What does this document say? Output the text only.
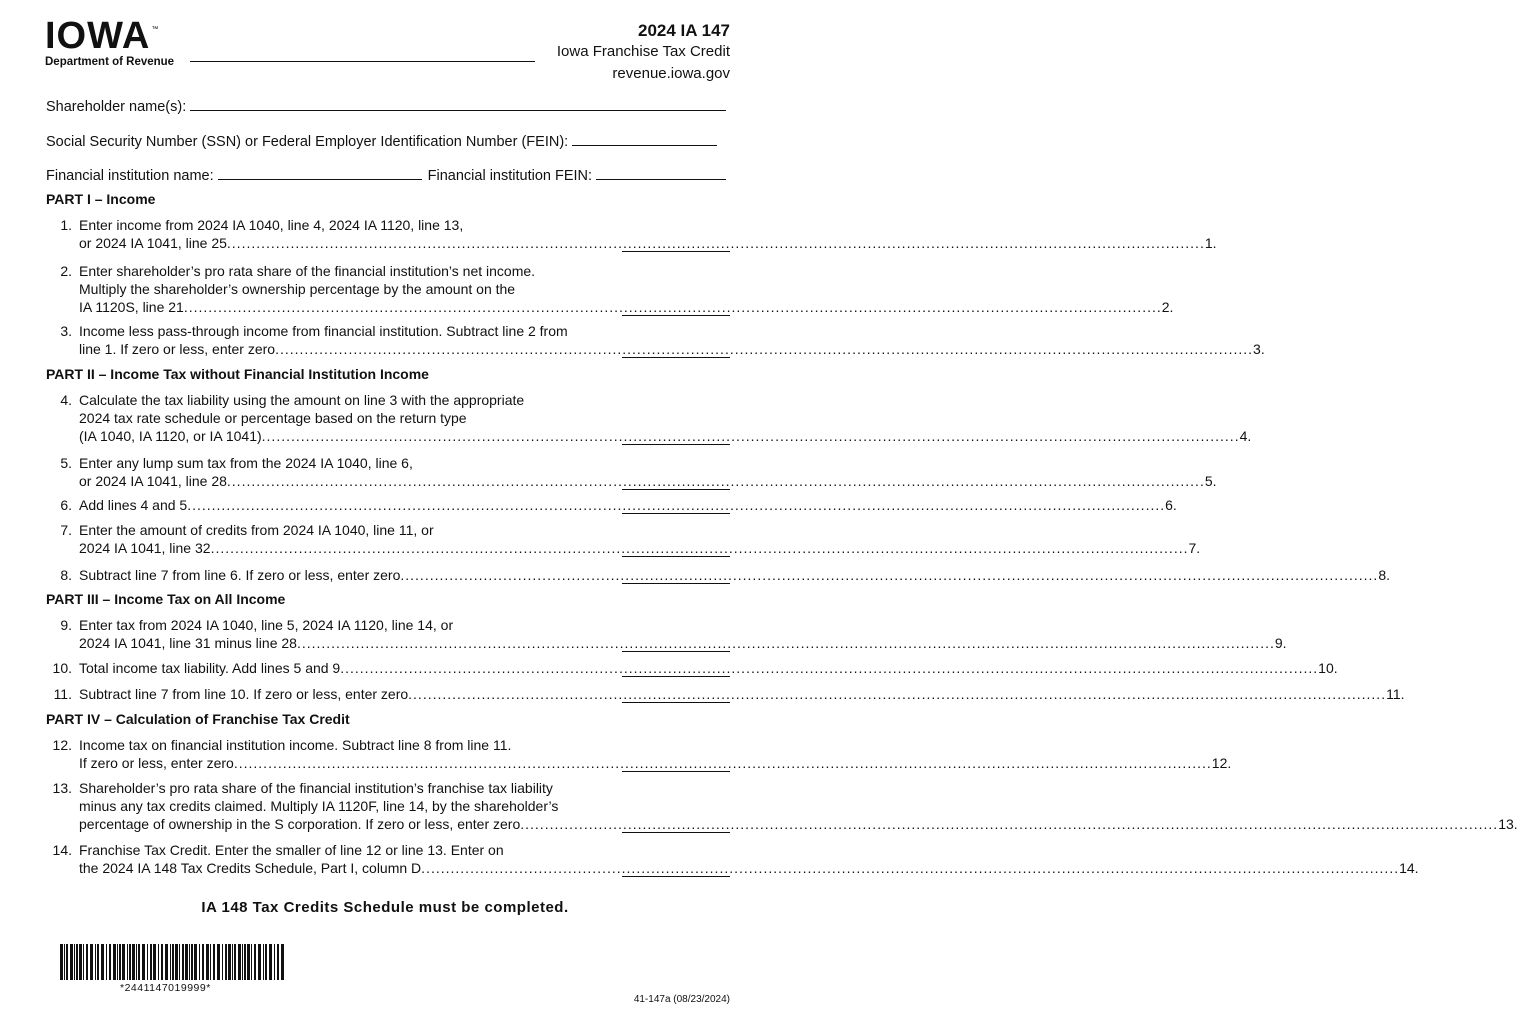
IOWA ™
Department of Revenue
2024 IA 147
Iowa Franchise Tax Credit
revenue.iowa.gov
Shareholder name(s):
Social Security Number (SSN) or Federal Employer Identification Number (FEIN):
Financial institution name:	Financial institution FEIN:
PART I – Income
PART II – Income Tax without Financial Institution Income
PART III – Income Tax on All Income
PART IV – Calculation of Franchise Tax Credit
1. Enter income from 2024 IA 1040, line 4, 2024 IA 1120, line 13,
or 2024 IA 1041, line 25 ........................................................................................................................................................................................................ 1.
2. Enter shareholder’s pro rata share of the financial institution’s net income.
Multiply the shareholder’s ownership percentage by the amount on the
IA 1120S, line 21 ........................................................................................................................................................................................................ 2.
3. Income less pass-through income from financial institution. Subtract line 2 from
line 1. If zero or less, enter zero ........................................................................................................................................................................................................ 3.
4. Calculate the tax liability using the amount on line 3 with the appropriate
2024 tax rate schedule or percentage based on the return type
(IA 1040, IA 1120, or IA 1041) ........................................................................................................................................................................................................ 4.
5. Enter any lump sum tax from the 2024 IA 1040, line 6,
or 2024 IA 1041, line 28 ........................................................................................................................................................................................................ 5.
6. Add lines 4 and 5 ........................................................................................................................................................................................................ 6.
7. Enter the amount of credits from 2024 IA 1040, line 11, or
2024 IA 1041, line 32 ........................................................................................................................................................................................................ 7.
8. Subtract line 7 from line 6. If zero or less, enter zero ........................................................................................................................................................................................................ 8.
9. Enter tax from 2024 IA 1040, line 5, 2024 IA 1120, line 14, or
2024 IA 1041, line 31 minus line 28 ........................................................................................................................................................................................................ 9.
10. Total income tax liability. Add lines 5 and 9 ........................................................................................................................................................................................................ 10.
11. Subtract line 7 from line 10. If zero or less, enter zero ........................................................................................................................................................................................................ 11.
12. Income tax on financial institution income. Subtract line 8 from line 11.
If zero or less, enter zero ........................................................................................................................................................................................................ 12.
13. Shareholder’s pro rata share of the financial institution’s franchise tax liability
minus any tax credits claimed. Multiply IA 1120F, line 14, by the shareholder’s
percentage of ownership in the S corporation. If zero or less, enter zero ........................................................................................................................................................................................................ 13.
14. Franchise Tax Credit. Enter the smaller of line 12 or line 13. Enter on
the 2024 IA 148 Tax Credits Schedule, Part I, column D ........................................................................................................................................................................................................ 14.
IA 148 Tax Credits Schedule must be completed.
*2441147019999*
41-147a (08/23/2024)
